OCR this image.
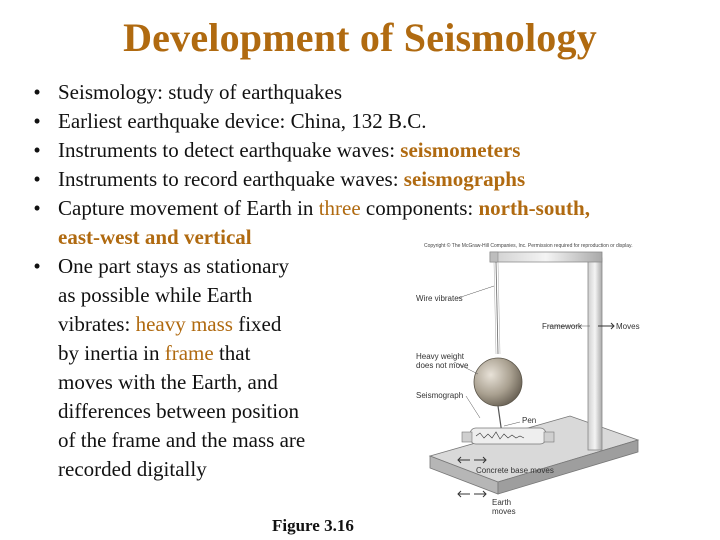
Development of Seismology
• Seismology: study of earthquakes
• Earliest earthquake device: China, 132 B.C.
• Instruments to detect earthquake waves: seismometers
• Instruments to record earthquake waves: seismographs
• Capture movement of Earth in three components: north-south,
east-west and vertical
• One part stays as stationary
as possible while Earth
vibrates: heavy mass fixed
by inertia in frame that
moves with the Earth, and
differences between position
of the frame and the mass are
recorded digitally
Figure 3.16
Copyright © The McGraw-Hill Companies, Inc. Permission required for reproduction or display.
Wire vibrates
Framework	Moves
Heavy weight
does not move
Seismograph
Pen
Concrete base moves
Earth
moves
